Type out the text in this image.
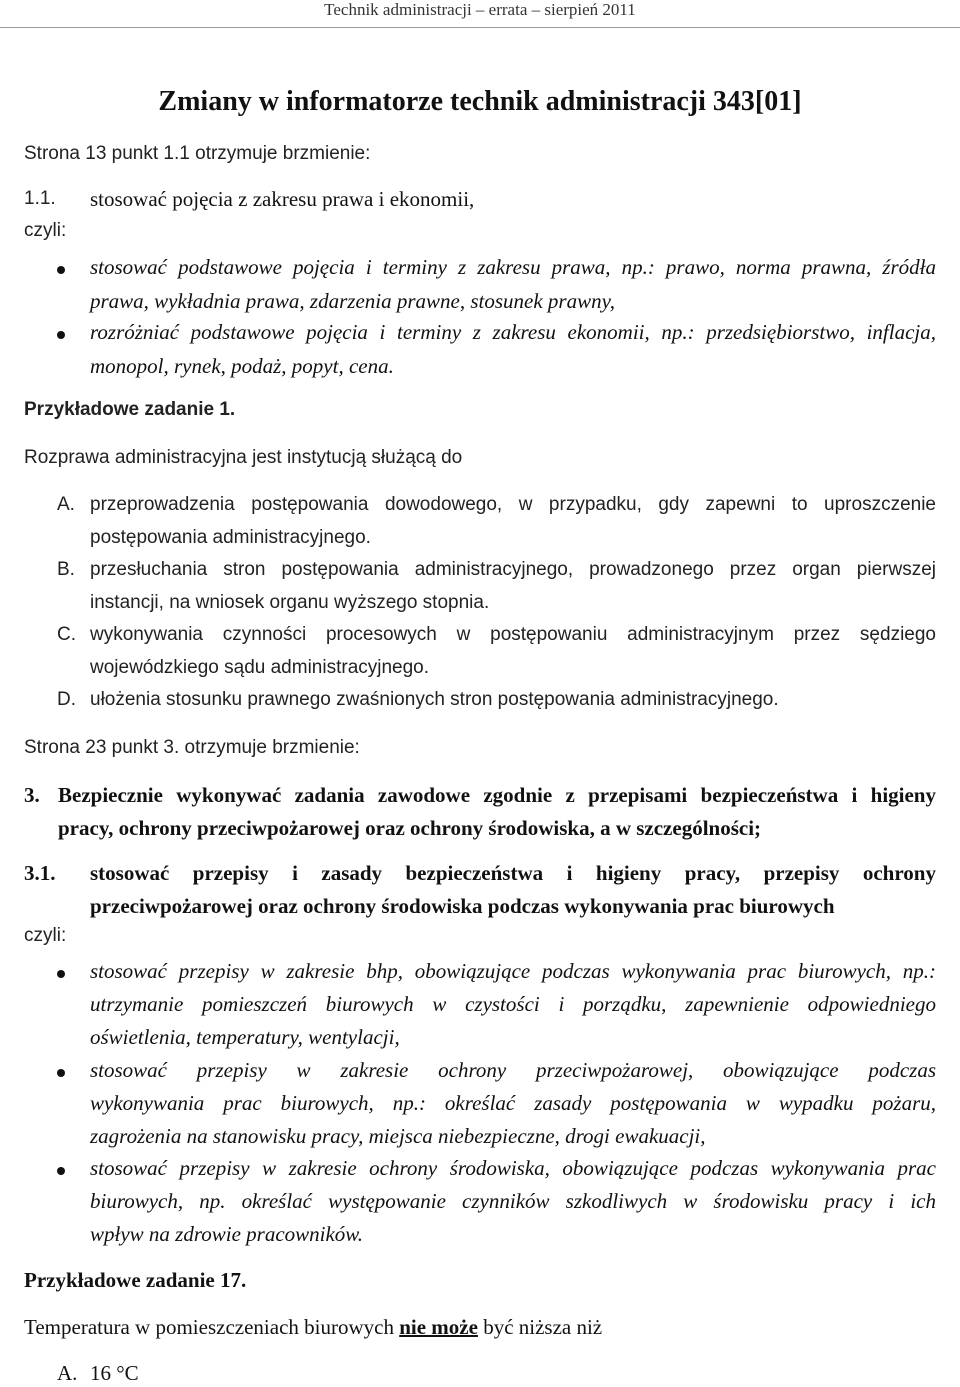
Technik administracji – errata – sierpień 2011
Zmiany w informatorze technik administracji 343[01]
Strona 13 punkt 1.1 otrzymuje brzmienie:
1.1. stosować pojęcia z zakresu prawa i ekonomii,
czyli:
stosować podstawowe pojęcia i terminy z zakresu prawa, np.: prawo, norma prawna, źródła
prawa, wykładnia prawa, zdarzenia prawne, stosunek prawny,
rozróżniać podstawowe pojęcia i terminy z zakresu ekonomii, np.: przedsiębiorstwo, inflacja,
monopol, rynek, podaż, popyt, cena.
Przykładowe zadanie 1.
Rozprawa administracyjna jest instytucją służącą do
A. przeprowadzenia postępowania dowodowego, w przypadku, gdy zapewni to uproszczenie
postępowania administracyjnego.
B. przesłuchania stron postępowania administracyjnego, prowadzonego przez organ pierwszej
instancji, na wniosek organu wyższego stopnia.
C. wykonywania czynności procesowych w postępowaniu administracyjnym przez sędziego
wojewódzkiego sądu administracyjnego.
D. ułożenia stosunku prawnego zwaśnionych stron postępowania administracyjnego.
Strona 23 punkt 3. otrzymuje brzmienie:
3. Bezpiecznie wykonywać zadania zawodowe zgodnie z przepisami bezpieczeństwa i higieny
pracy, ochrony przeciwpożarowej oraz ochrony środowiska, a w szczególności;
3.1. stosować przepisy i zasady bezpieczeństwa i higieny pracy, przepisy ochrony
przeciwpożarowej oraz ochrony środowiska podczas wykonywania prac biurowych
czyli:
stosować przepisy w zakresie bhp, obowiązujące podczas wykonywania prac biurowych, np.:
utrzymanie pomieszczeń biurowych w czystości i porządku, zapewnienie odpowiedniego
oświetlenia, temperatury, wentylacji,
stosować przepisy w zakresie ochrony przeciwpożarowej, obowiązujące podczas
wykonywania prac biurowych, np.: określać zasady postępowania w wypadku pożaru,
zagrożenia na stanowisku pracy, miejsca niebezpieczne, drogi ewakuacji,
stosować przepisy w zakresie ochrony środowiska, obowiązujące podczas wykonywania prac
biurowych, np. określać występowanie czynników szkodliwych w środowisku pracy i ich
wpływ na zdrowie pracowników.
Przykładowe zadanie 17.
Temperatura w pomieszczeniach biurowych nie może być niższa niż
A. 16 °C
